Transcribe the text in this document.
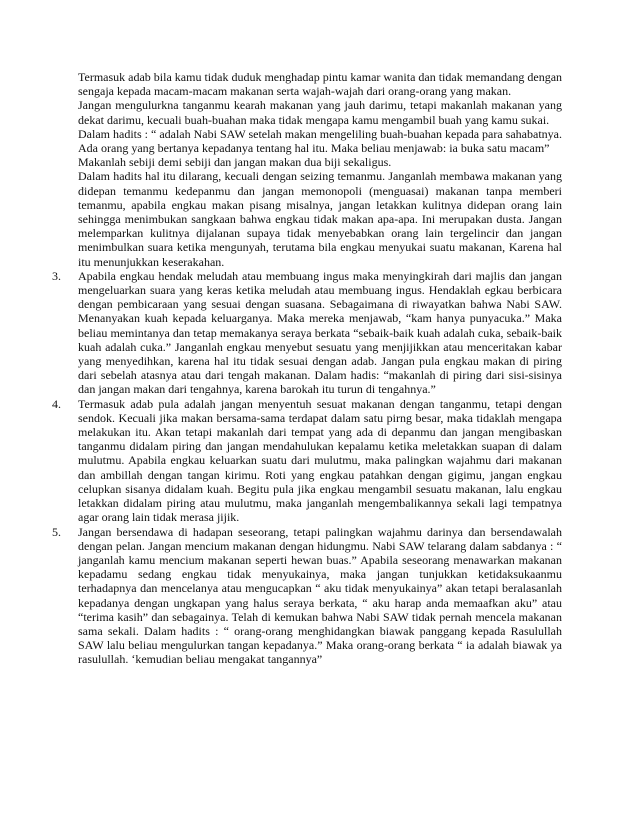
Termasuk adab bila kamu tidak duduk menghadap pintu kamar wanita dan tidak memandang dengan sengaja kepada macam-macam makanan serta wajah-wajah dari orang-orang yang makan.

Jangan mengulurkna tanganmu kearah makanan yang jauh darimu, tetapi makanlah makanan yang dekat darimu, kecuali buah-buahan maka tidak mengapa kamu mengambil buah yang kamu sukai.

Dalam hadits : “ adalah Nabi SAW setelah makan mengeliling buah-buahan kepada para sahabatnya. Ada orang yang bertanya kepadanya tentang hal itu. Maka beliau menjawab: ia buka satu macam”

Makanlah sebiji demi sebiji dan jangan makan dua biji sekaligus.

Dalam hadits hal itu dilarang, kecuali dengan seizing temanmu. Janganlah membawa makanan yang didepan temanmu kedepanmu dan jangan memonopoli (menguasai) makanan tanpa memberi temanmu, apabila engkau makan pisang misalnya, jangan letakkan kulitnya didepan orang lain sehingga menimbukan sangkaan bahwa engkau tidak makan apa-apa. Ini merupakan dusta. Jangan melemparkan kulitnya dijalanan supaya tidak menyebabkan orang lain tergelincir dan jangan menimbulkan suara ketika mengunyah, terutama bila engkau menyukai suatu makanan, Karena hal itu menunjukkan keserakahan.

3. Apabila engkau hendak meludah atau membuang ingus maka menyingkirah dari majlis dan jangan mengeluarkan suara yang keras ketika meludah atau membuang ingus. Hendaklah egkau berbicara dengan pembicaraan yang sesuai dengan suasana. Sebagaimana di riwayatkan bahwa Nabi SAW. Menanyakan kuah kepada keluarganya. Maka mereka menjawab, “kam hanya punyacuka.” Maka beliau memintanya dan tetap memakanya seraya berkata “sebaik-baik kuah adalah cuka, sebaik-baik kuah adalah cuka.” Janganlah engkau menyebut sesuatu yang menjijikkan atau menceritakan kabar yang menyedihkan, karena hal itu tidak sesuai dengan adab. Jangan pula engkau makan di piring dari sebelah atasnya atau dari tengah makanan. Dalam hadis: “makanlah di piring dari sisi-sisinya dan jangan makan dari tengahnya, karena barokah itu turun di tengahnya.”

4. Termasuk adab pula adalah jangan menyentuh sesuat makanan dengan tanganmu, tetapi dengan sendok. Kecuali jika makan bersama-sama terdapat dalam satu pirng besar, maka tidaklah mengapa melakukan itu. Akan tetapi makanlah dari tempat yang ada di depanmu dan jangan mengibaskan tanganmu didalam piring dan jangan mendahulukan kepalamu ketika meletakkan suapan di dalam mulutmu. Apabila engkau keluarkan suatu dari mulutmu, maka palingkan wajahmu dari makanan dan ambillah dengan tangan kirimu. Roti yang engkau patahkan dengan gigimu, jangan engkau celupkan sisanya didalam kuah. Begitu pula jika engkau mengambil sesuatu makanan, lalu engkau letakkan didalam piring atau mulutmu, maka janganlah mengembalikannya sekali lagi tempatnya agar orang lain tidak merasa jijik.

5. Jangan bersendawa di hadapan seseorang, tetapi palingkan wajahmu darinya dan bersendawalah dengan pelan. Jangan mencium makanan dengan hidungmu. Nabi SAW telarang dalam sabdanya : “ janganlah kamu mencium makanan seperti hewan buas.” Apabila seseorang menawarkan makanan kepadamu sedang engkau tidak menyukainya, maka jangan tunjukkan ketidaksukaanmu terhadapnya dan mencelanya atau mengucapkan “ aku tidak menyukainya” akan tetapi beralasanlah kepadanya dengan ungkapan yang halus seraya berkata, “ aku harap anda memaafkan aku” atau “terima kasih” dan sebagainya. Telah di kemukan bahwa Nabi SAW tidak pernah mencela makanan sama sekali. Dalam hadits : “ orang-orang menghidangkan biawak panggang kepada Rasulullah SAW lalu beliau mengulurkan tangan kepadanya.” Maka orang-orang berkata “ ia adalah biawak ya rasulullah. ‘kemudian beliau mengakat tangannya”
